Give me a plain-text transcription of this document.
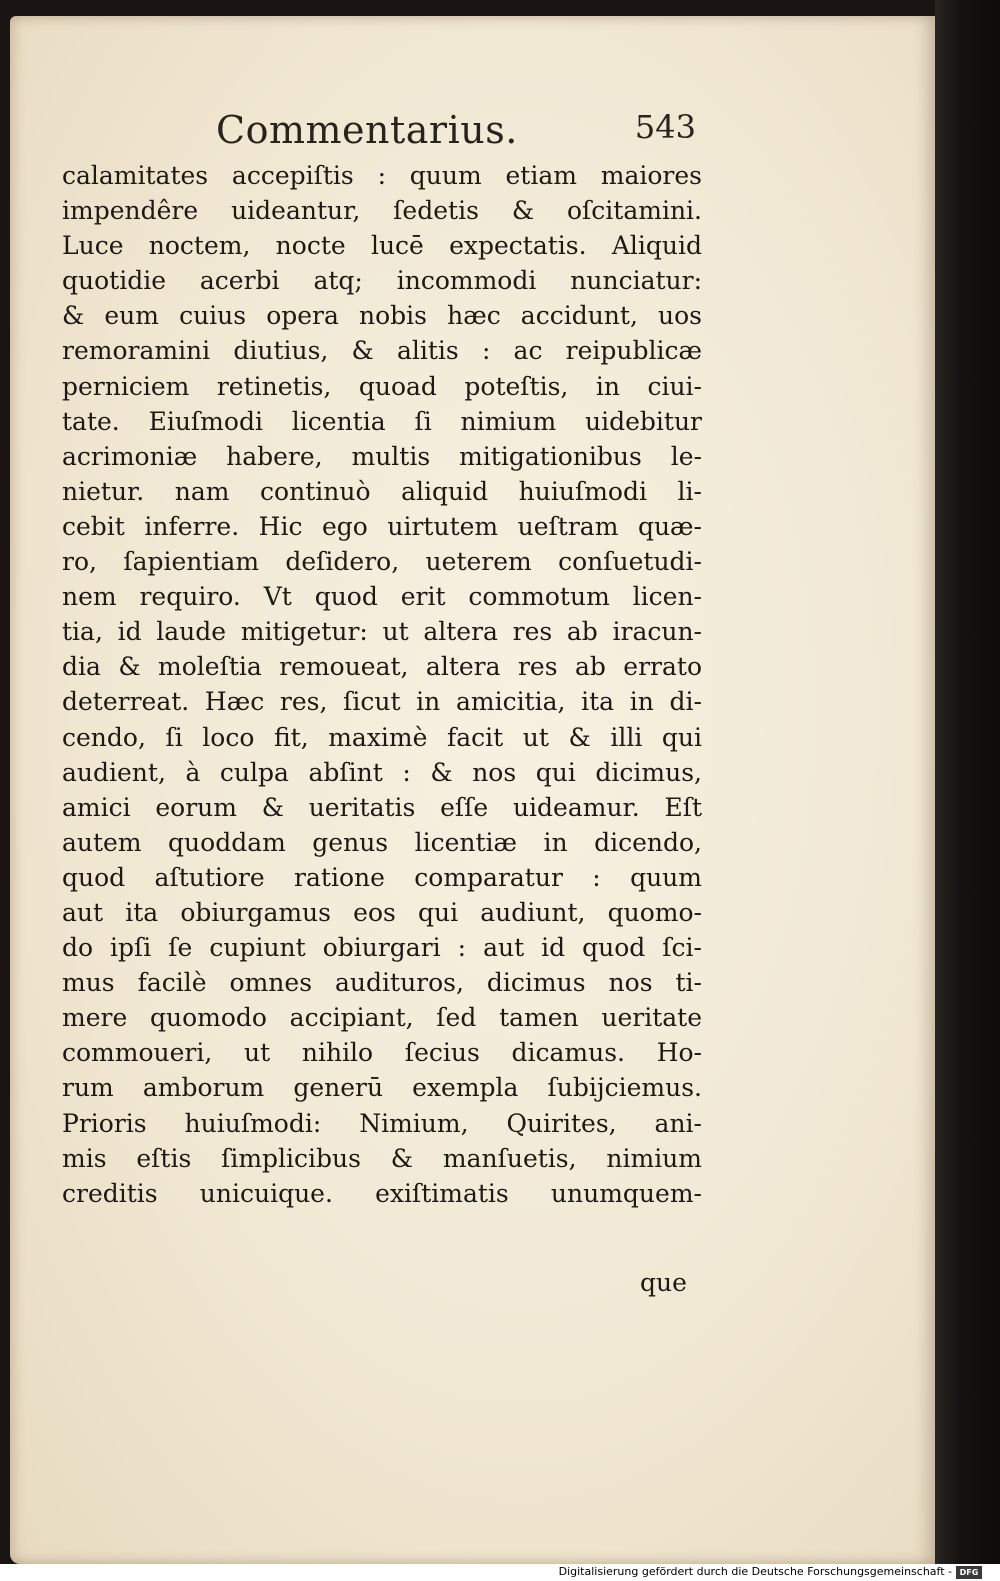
Commentarius.	543
calamitates accepiſtis : quum etiam maiores
impendêre uideantur, ſedetis & oſcitamini.
Luce noctem, nocte lucē expectatis. Aliquid
quotidie acerbi atq; incommodi nunciatur:
& eum cuius opera nobis hæc accidunt, uos
remoramini diutius, & alitis : ac reipublicæ
perniciem retinetis, quoad poteſtis, in ciui-
tate. Eiuſmodi licentia ſi nimium uidebitur
acrimoniæ habere, multis mitigationibus le-
nietur. nam continuò aliquid huiuſmodi li-
cebit inferre. Hic ego uirtutem ueſtram quæ-
ro, ſapientiam deſidero, ueterem conſuetudi-
nem requiro. Vt quod erit commotum licen-
tia, id laude mitigetur: ut altera res ab iracun-
dia & moleſtia remoueat, altera res ab errato
deterreat. Hæc res, ſicut in amicitia, ita in di-
cendo, ſi loco fit, maximè facit ut & illi qui
audient, à culpa abſint : & nos qui dicimus,
amici eorum & ueritatis eſſe uideamur. Eſt
autem quoddam genus licentiæ in dicendo,
quod aſtutiore ratione comparatur : quum
aut ita obiurgamus eos qui audiunt, quomo-
do ipſi ſe cupiunt obiurgari : aut id quod ſci-
mus facilè omnes audituros, dicimus nos ti-
mere quomodo accipiant, ſed tamen ueritate
commoueri, ut nihilo ſecius dicamus. Ho-
rum amborum generū exempla ſubijciemus.
Prioris huiuſmodi: Nimium, Quirites, ani-
mis eſtis ſimplicibus & manſuetis, nimium
creditis unicuique. exiſtimatis unumquem-
que
Digitalisierung gefördert durch die Deutsche Forschungsgemeinschaft - DFG
